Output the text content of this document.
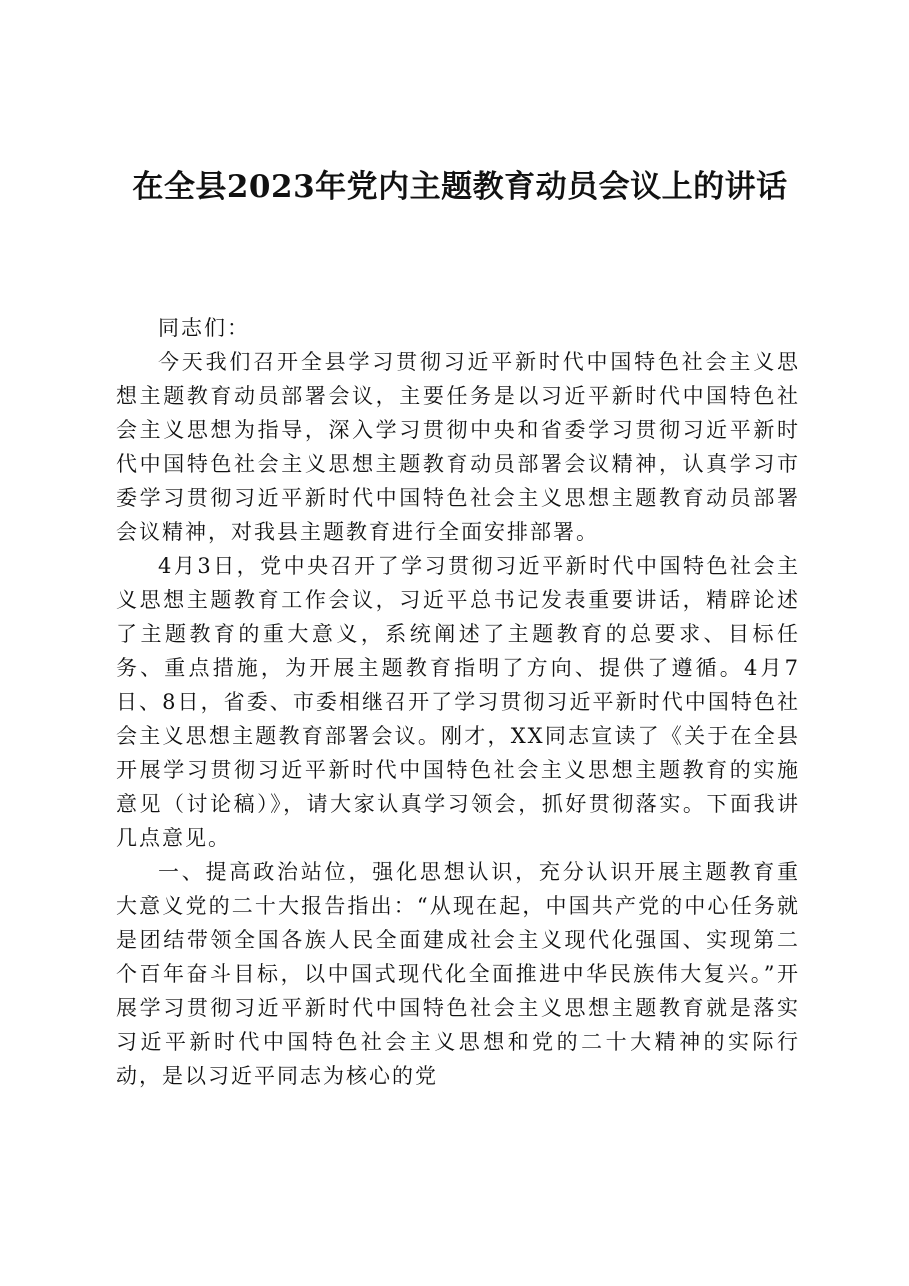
在全县2023年党内主题教育动员会议上的讲话

同志们：

今天我们召开全县学习贯彻习近平新时代中国特色社会主义思想主题教育动员部署会议，主要任务是以习近平新时代中国特色社会主义思想为指导，深入学习贯彻中央和省委学习贯彻习近平新时代中国特色社会主义思想主题教育动员部署会议精神，认真学习市委学习贯彻习近平新时代中国特色社会主义思想主题教育动员部署会议精神，对我县主题教育进行全面安排部署。

4月3日，党中央召开了学习贯彻习近平新时代中国特色社会主义思想主题教育工作会议，习近平总书记发表重要讲话，精辟论述了主题教育的重大意义，系统阐述了主题教育的总要求、目标任务、重点措施，为开展主题教育指明了方向、提供了遵循。4月7日、8日，省委、市委相继召开了学习贯彻习近平新时代中国特色社会主义思想主题教育部署会议。刚才，XX同志宣读了《关于在全县开展学习贯彻习近平新时代中国特色社会主义思想主题教育的实施意见（讨论稿）》，请大家认真学习领会，抓好贯彻落实。下面我讲几点意见。

一、提高政治站位，强化思想认识，充分认识开展主题教育重大意义党的二十大报告指出：“从现在起，中国共产党的中心任务就是团结带领全国各族人民全面建成社会主义现代化强国、实现第二个百年奋斗目标，以中国式现代化全面推进中华民族伟大复兴。”开展学习贯彻习近平新时代中国特色社会主义思想主题教育就是落实习近平新时代中国特色社会主义思想和党的二十大精神的实际行动，是以习近平同志为核心的党
